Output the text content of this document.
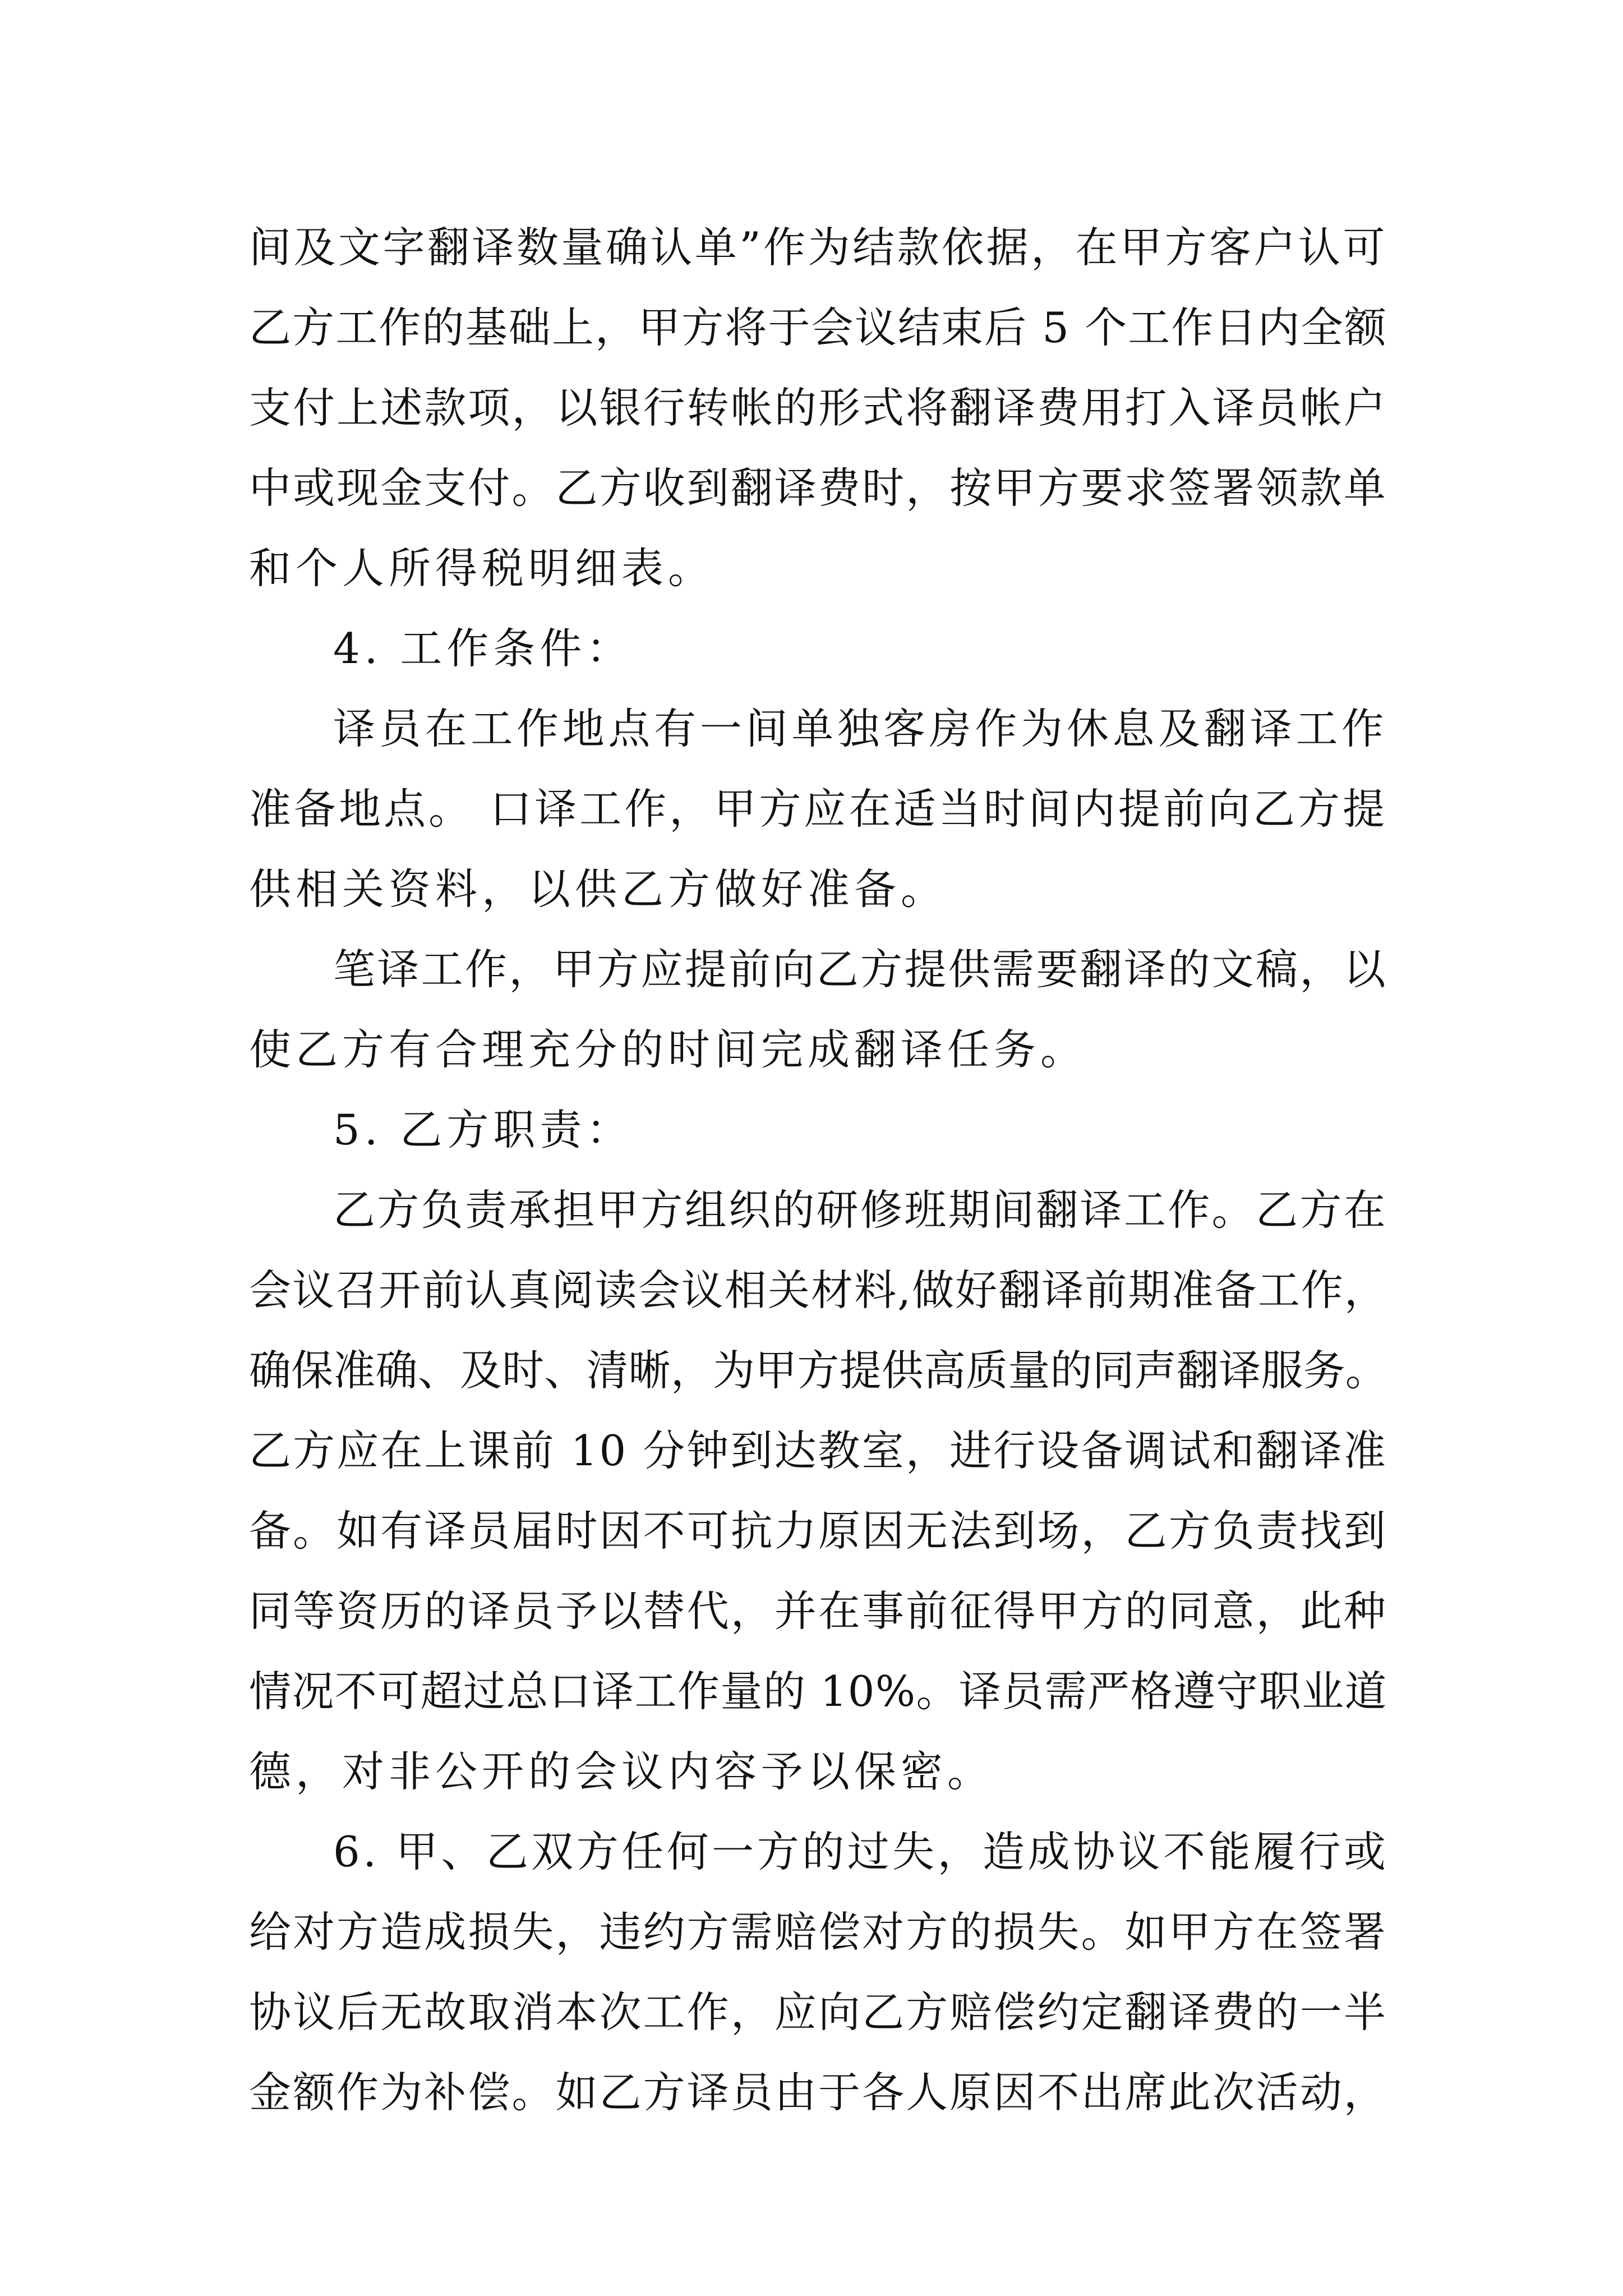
间及文字翻译数量确认单”作为结款依据，在甲方客户认可
乙方工作的基础上，甲方将于会议结束后 5 个工作日内全额
支付上述款项，以银行转帐的形式将翻译费用打入译员帐户
中或现金支付。乙方收到翻译费时，按甲方要求签署领款单
和个人所得税明细表。
4. 工作条件：
译员在工作地点有一间单独客房作为休息及翻译工作
准备地点。 口译工作，甲方应在适当时间内提前向乙方提
供相关资料，以供乙方做好准备。
笔译工作，甲方应提前向乙方提供需要翻译的文稿，以
使乙方有合理充分的时间完成翻译任务。
5. 乙方职责：
乙方负责承担甲方组织的研修班期间翻译工作。乙方在
会议召开前认真阅读会议相关材料,做好翻译前期准备工作，
确保准确、及时、清晰，为甲方提供高质量的同声翻译服务。
乙方应在上课前 10 分钟到达教室，进行设备调试和翻译准
备。如有译员届时因不可抗力原因无法到场，乙方负责找到
同等资历的译员予以替代，并在事前征得甲方的同意，此种
情况不可超过总口译工作量的 10%。译员需严格遵守职业道
德，对非公开的会议内容予以保密。
6. 甲、乙双方任何一方的过失，造成协议不能履行或
给对方造成损失，违约方需赔偿对方的损失。如甲方在签署
协议后无故取消本次工作，应向乙方赔偿约定翻译费的一半
金额作为补偿。如乙方译员由于各人原因不出席此次活动，
